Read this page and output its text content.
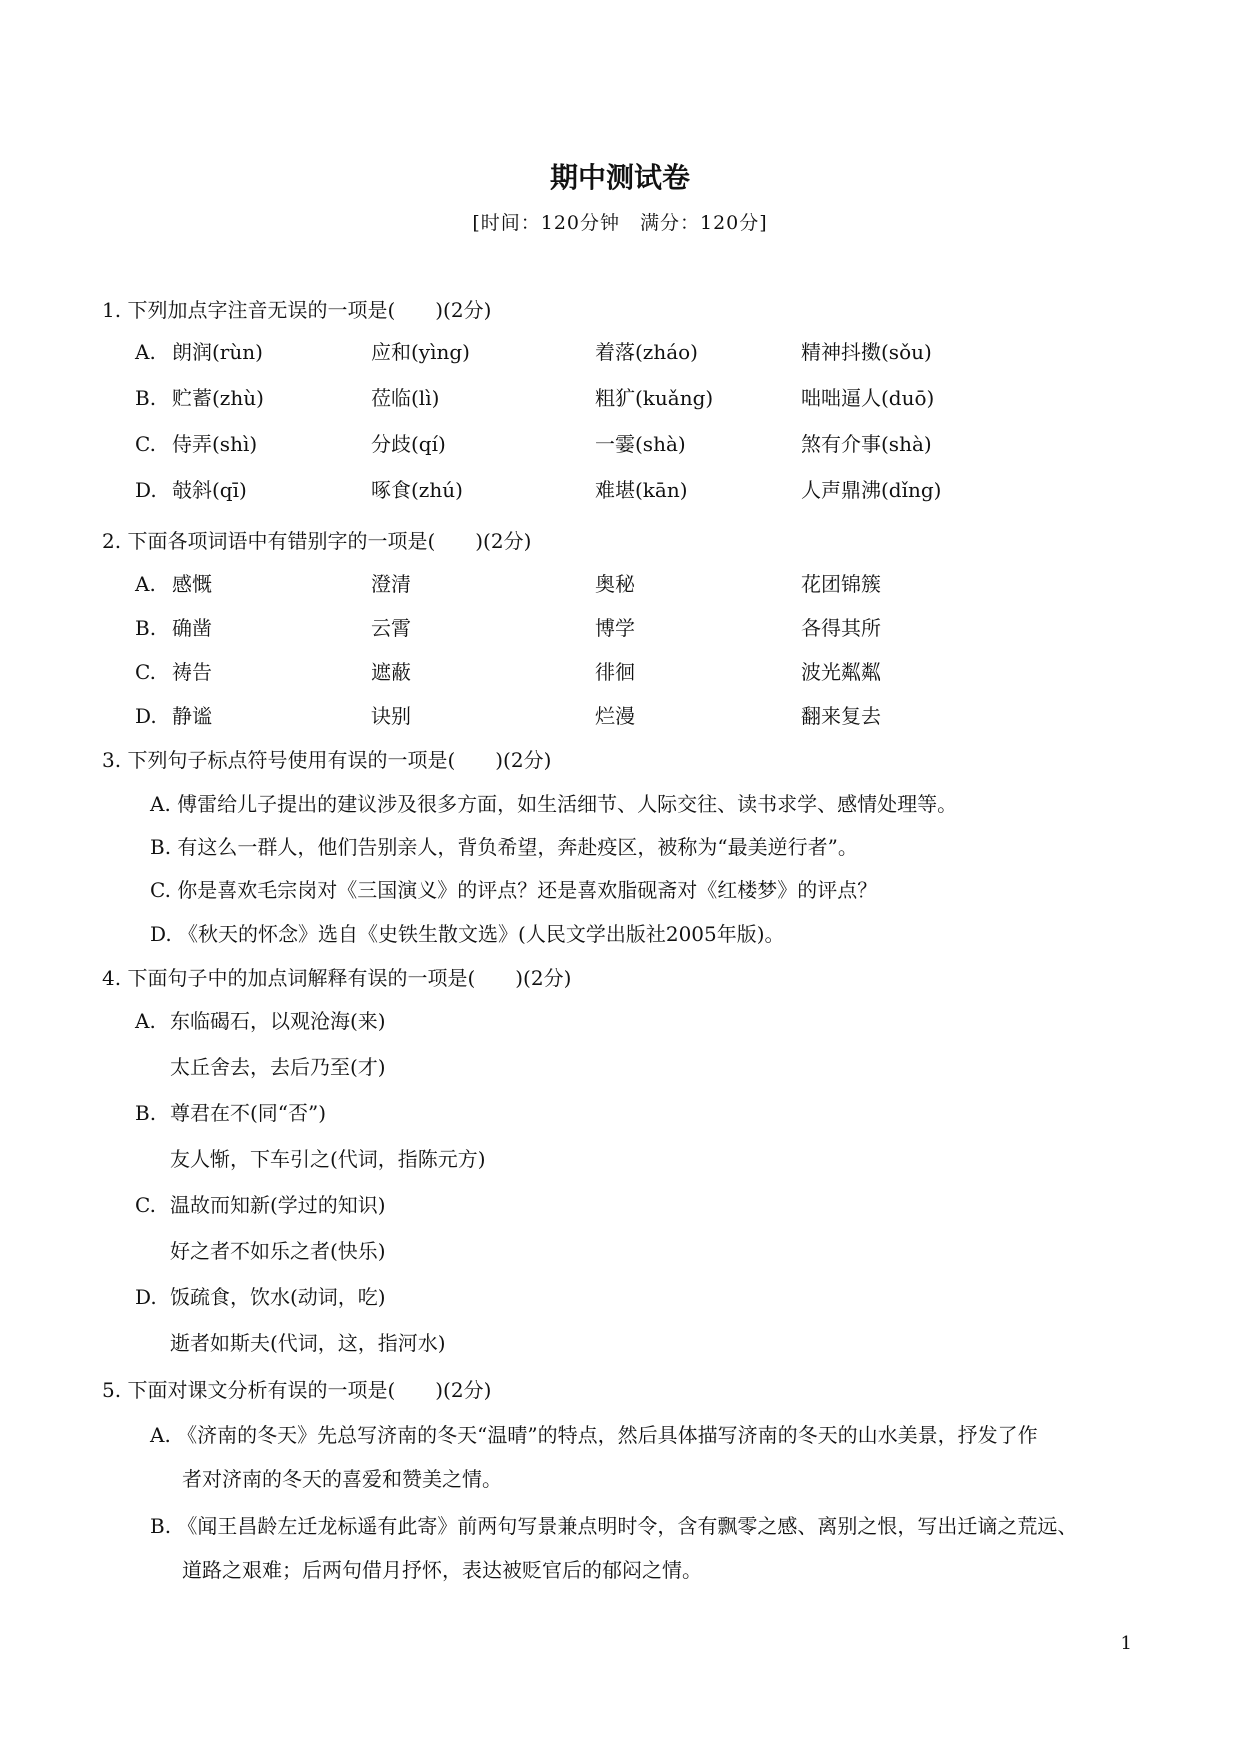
期中测试卷
[时间：120分钟　满分：120分]
1. 下列加点字注音无误的一项是(　　)(2分)
A. 朗润(rùn)	应和(yìng)	着落(zháo)	精神抖擞(sǒu)
B. 贮蓄(zhù)	莅临(lì)	粗犷(kuǎng)	咄咄逼人(duō)
C. 侍弄(shì)	分歧(qí)	一霎(shà)	煞有介事(shà)
D. 攲斜(qī)	啄食(zhú)	难堪(kān)	人声鼎沸(dǐng)
2. 下面各项词语中有错别字的一项是(　　)(2分)
A. 感慨	澄清	奥秘	花团锦簇
B. 确凿	云霄	博学	各得其所
C. 祷告	遮蔽	徘徊	波光粼粼
D. 静谧	诀别	烂漫	翻来复去
3. 下列句子标点符号使用有误的一项是(　　)(2分)
A. 傅雷给儿子提出的建议涉及很多方面，如生活细节、人际交往、读书求学、感情处理等。
B. 有这么一群人，他们告别亲人，背负希望，奔赴疫区，被称为“最美逆行者”。
C. 你是喜欢毛宗岗对《三国演义》的评点？还是喜欢脂砚斋对《红楼梦》的评点？
D. 《秋天的怀念》选自《史铁生散文选》(人民文学出版社2005年版)。
4. 下面句子中的加点词解释有误的一项是(　　)(2分)
A. 东临碣石，以观沧海(来)
太丘舍去，去后乃至(才)
B. 尊君在不(同“否”)
友人惭，下车引之(代词，指陈元方)
C. 温故而知新(学过的知识)
好之者不如乐之者(快乐)
D. 饭疏食，饮水(动词，吃)
逝者如斯夫(代词，这，指河水)
5. 下面对课文分析有误的一项是(　　)(2分)
A. 《济南的冬天》先总写济南的冬天“温晴”的特点，然后具体描写济南的冬天的山水美景，抒发了作
者对济南的冬天的喜爱和赞美之情。
B. 《闻王昌龄左迁龙标遥有此寄》前两句写景兼点明时令，含有飘零之感、离别之恨，写出迁谪之荒远、
道路之艰难；后两句借月抒怀，表达被贬官后的郁闷之情。
1
